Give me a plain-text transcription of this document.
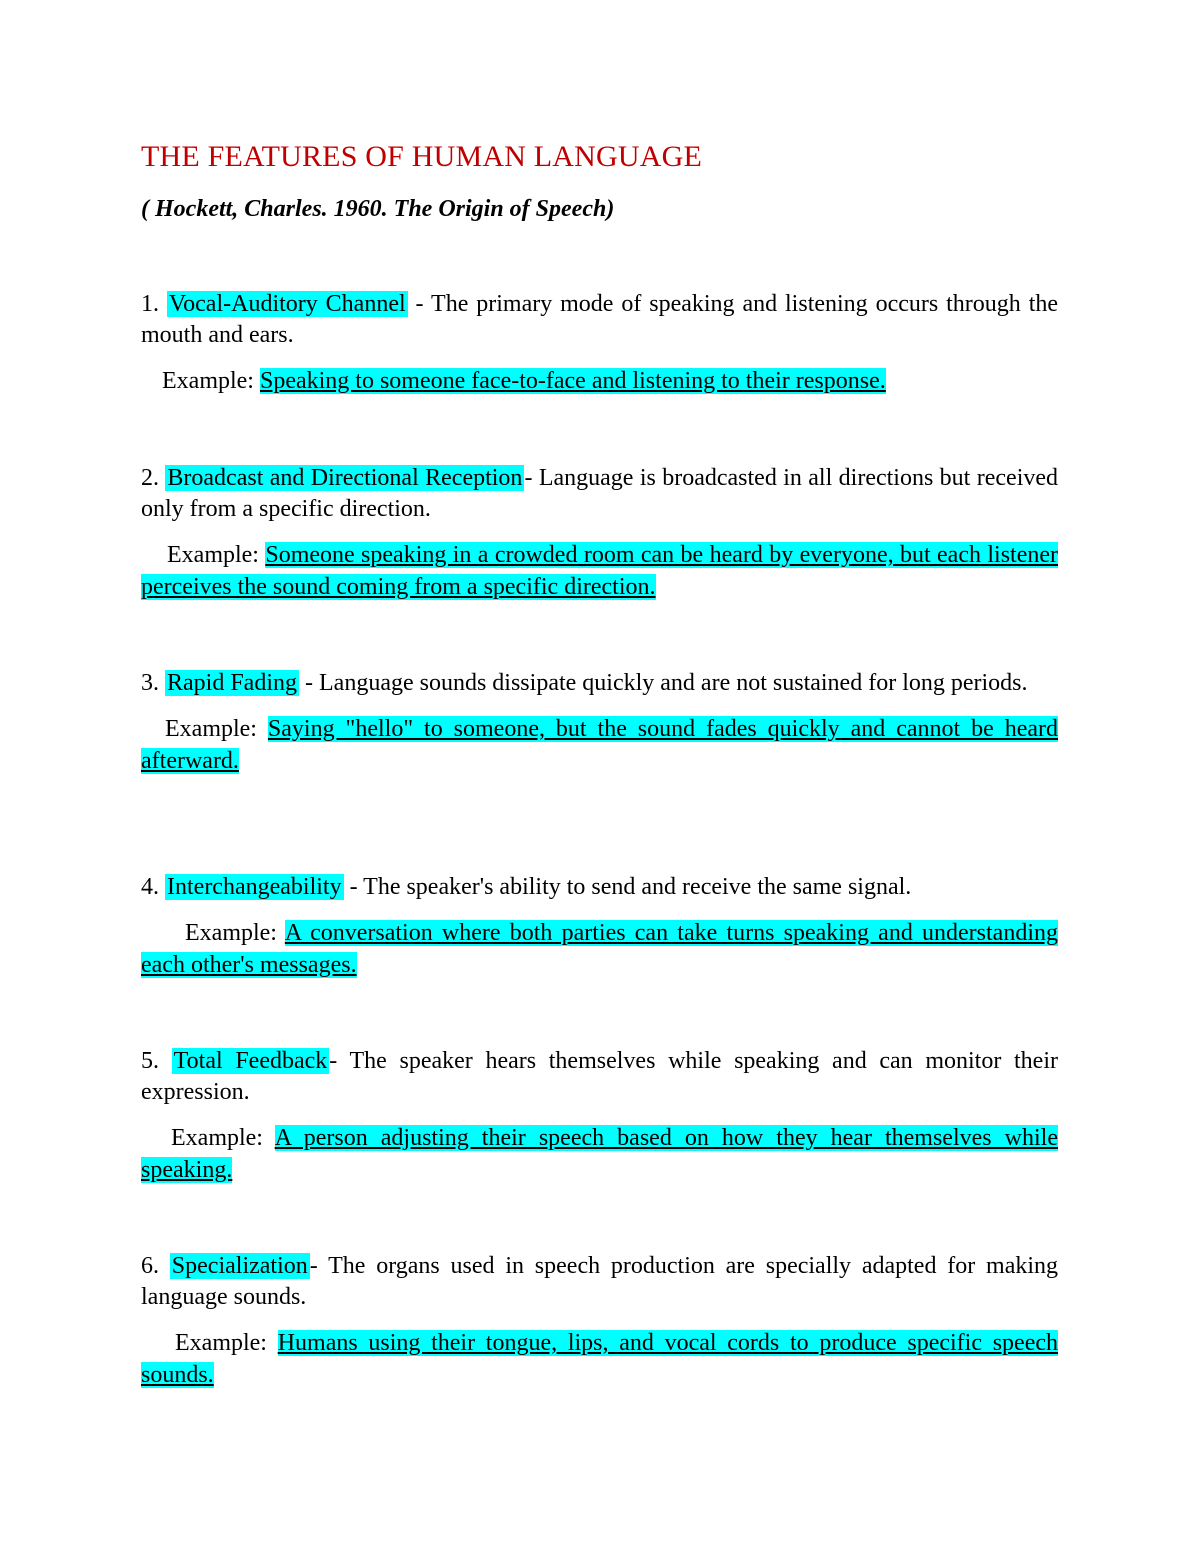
THE FEATURES OF HUMAN LANGUAGE
( Hockett, Charles. 1960. The Origin of Speech)

1. Vocal-Auditory Channel - The primary mode of speaking and listening occurs through the mouth and ears.

Example: Speaking to someone face-to-face and listening to their response.

2. Broadcast and Directional Reception- Language is broadcasted in all directions but received only from a specific direction.

Example: Someone speaking in a crowded room can be heard by everyone, but each listener perceives the sound coming from a specific direction.

3. Rapid Fading - Language sounds dissipate quickly and are not sustained for long periods.

Example: Saying "hello" to someone, but the sound fades quickly and cannot be heard afterward.

4. Interchangeability - The speaker's ability to send and receive the same signal.

Example: A conversation where both parties can take turns speaking and understanding each other's messages.

5. Total Feedback- The speaker hears themselves while speaking and can monitor their expression.

Example: A person adjusting their speech based on how they hear themselves while speaking.

6. Specialization- The organs used in speech production are specially adapted for making language sounds.

Example: Humans using their tongue, lips, and vocal cords to produce specific speech sounds.
